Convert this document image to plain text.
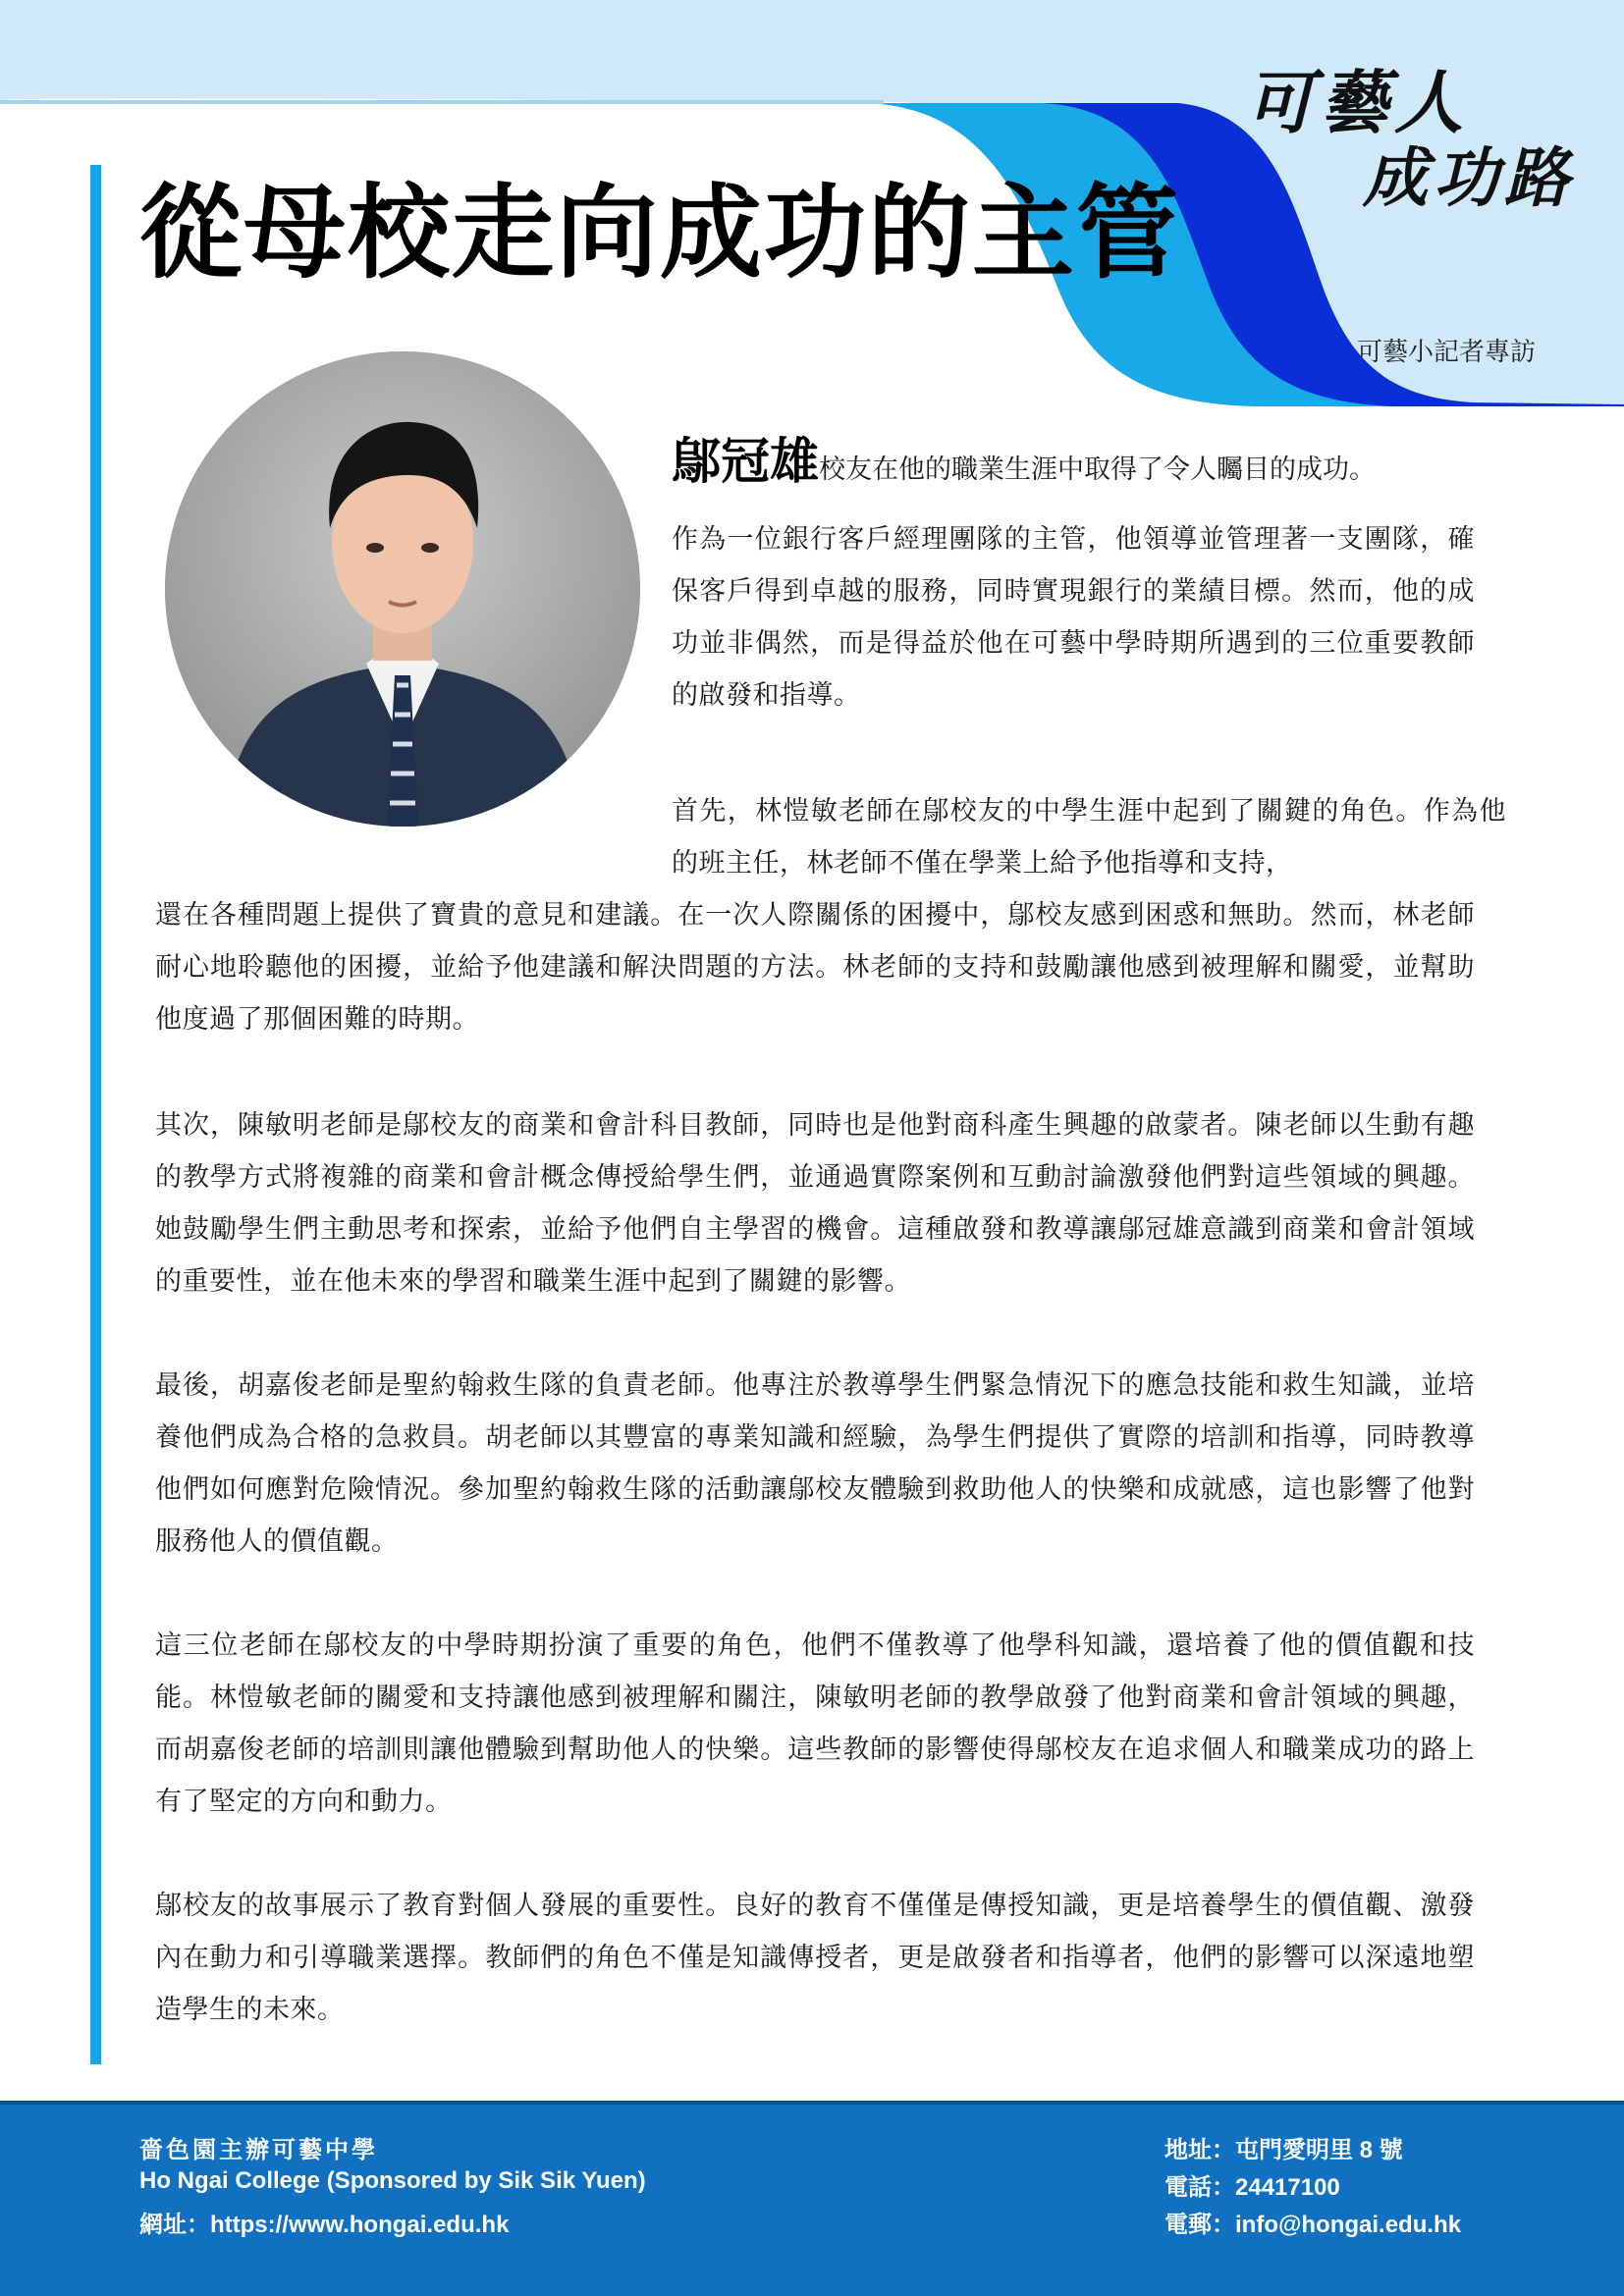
可藝人
成功路
可藝小記者專訪
從母校走向成功的主管

鄔冠雄校友在他的職業生涯中取得了令人矚目的成功。

作為一位銀行客戶經理團隊的主管，他領導並管理著一支團隊，確保客戶得到卓越的服務，同時實現銀行的業績目標。然而，他的成功並非偶然，而是得益於他在可藝中學時期所遇到的三位重要教師的啟發和指導。

首先，林愷敏老師在鄔校友的中學生涯中起到了關鍵的角色。作為他的班主任，林老師不僅在學業上給予他指導和支持，

還在各種問題上提供了寶貴的意見和建議。在一次人際關係的困擾中，鄔校友感到困惑和無助。然而，林老師耐心地聆聽他的困擾，並給予他建議和解決問題的方法。林老師的支持和鼓勵讓他感到被理解和關愛，並幫助他度過了那個困難的時期。

其次，陳敏明老師是鄔校友的商業和會計科目教師，同時也是他對商科產生興趣的啟蒙者。陳老師以生動有趣的教學方式將複雜的商業和會計概念傳授給學生們，並通過實際案例和互動討論激發他們對這些領域的興趣。她鼓勵學生們主動思考和探索，並給予他們自主學習的機會。這種啟發和教導讓鄔冠雄意識到商業和會計領域的重要性，並在他未來的學習和職業生涯中起到了關鍵的影響。

最後，胡嘉俊老師是聖約翰救生隊的負責老師。他專注於教導學生們緊急情況下的應急技能和救生知識，並培養他們成為合格的急救員。胡老師以其豐富的專業知識和經驗，為學生們提供了實際的培訓和指導，同時教導他們如何應對危險情況。參加聖約翰救生隊的活動讓鄔校友體驗到救助他人的快樂和成就感，這也影響了他對服務他人的價值觀。

這三位老師在鄔校友的中學時期扮演了重要的角色，他們不僅教導了他學科知識，還培養了他的價值觀和技能。林愷敏老師的關愛和支持讓他感到被理解和關注，陳敏明老師的教學啟發了他對商業和會計領域的興趣，而胡嘉俊老師的培訓則讓他體驗到幫助他人的快樂。這些教師的影響使得鄔校友在追求個人和職業成功的路上有了堅定的方向和動力。

鄔校友的故事展示了教育對個人發展的重要性。良好的教育不僅僅是傳授知識，更是培養學生的價值觀、激發內在動力和引導職業選擇。教師們的角色不僅是知識傳授者，更是啟發者和指導者，他們的影響可以深遠地塑造學生的未來。

嗇色園主辦可藝中學
Ho Ngai College (Sponsored by Sik Sik Yuen)
網址：https://www.hongai.edu.hk
地址：屯門愛明里 8 號
電話：24417100
電郵：info@hongai.edu.hk
